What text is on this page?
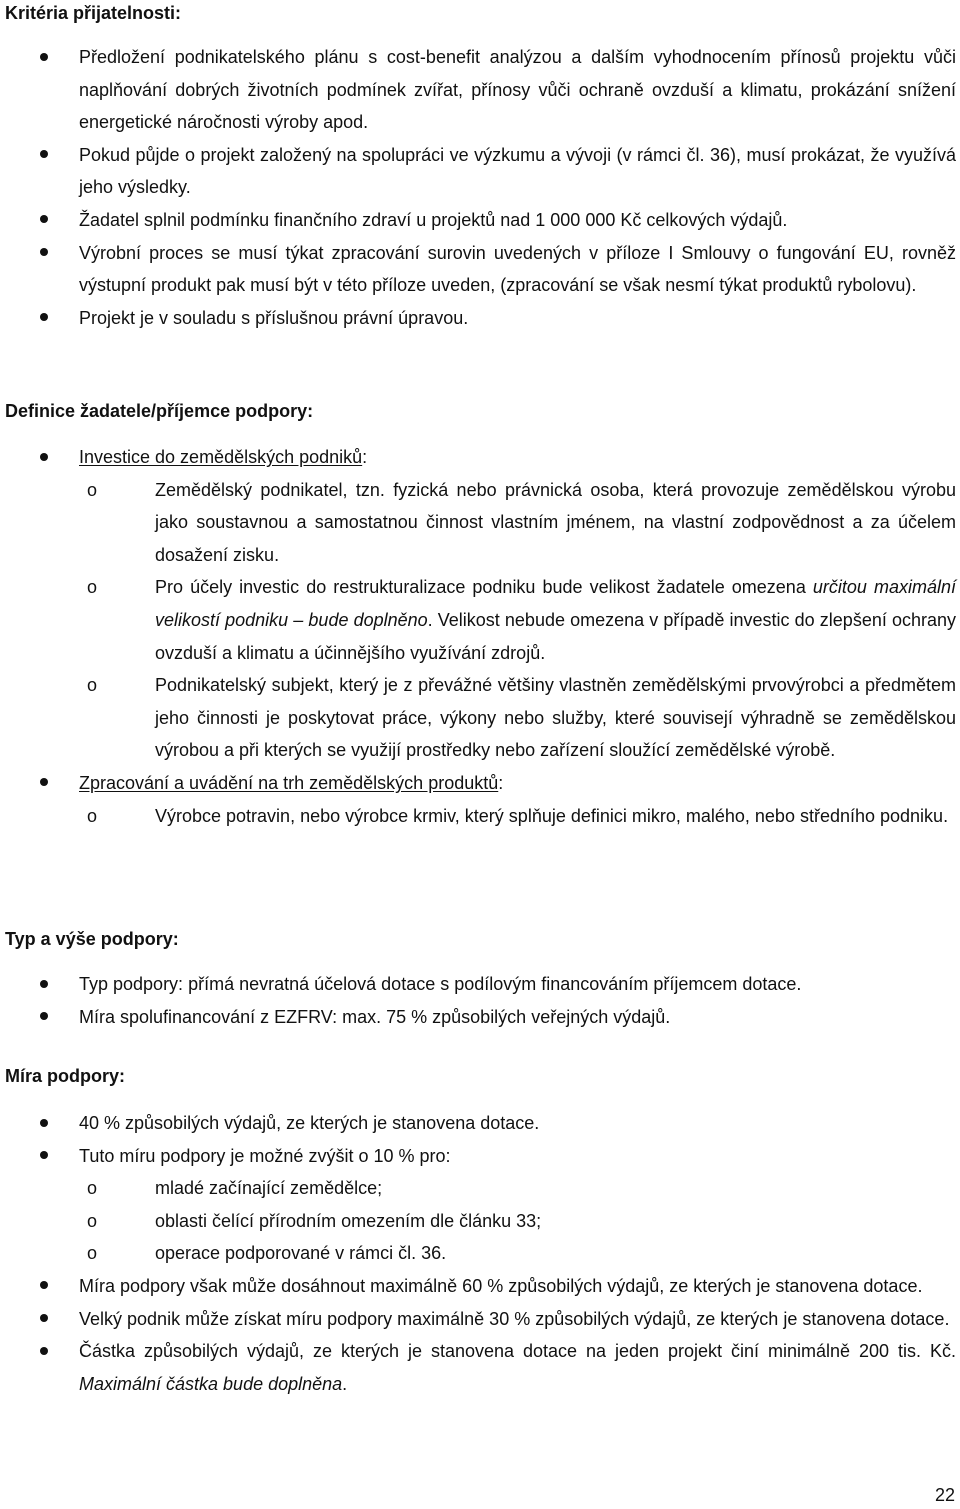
Kritéria přijatelnosti:

Předložení podnikatelského plánu s cost-benefit analýzou a dalším vyhodnocením přínosů projektu vůči naplňování dobrých životních podmínek zvířat, přínosy vůči ochraně ovzduší a klimatu, prokázání snížení energetické náročnosti výroby apod.

Pokud půjde o projekt založený na spolupráci ve výzkumu a vývoji (v rámci čl. 36), musí prokázat, že využívá jeho výsledky.

Žadatel splnil podmínku finančního zdraví u projektů nad 1 000 000 Kč celkových výdajů.

Výrobní proces se musí týkat zpracování surovin uvedených v příloze I Smlouvy o fungování EU, rovněž výstupní produkt pak musí být v této příloze uveden, (zpracování se však nesmí týkat produktů rybolovu).

Projekt je v souladu s příslušnou právní úpravou.

Definice žadatele/příjemce podpory:

Investice do zemědělských podniků:

o	Zemědělský podnikatel, tzn. fyzická nebo právnická osoba, která provozuje zemědělskou výrobu jako soustavnou a samostatnou činnost vlastním jménem, na vlastní zodpovědnost a za účelem dosažení zisku.

o	Pro účely investic do restrukturalizace podniku bude velikost žadatele omezena určitou maximální velikostí podniku – bude doplněno. Velikost nebude omezena v případě investic do zlepšení ochrany ovzduší a klimatu a účinnějšího využívání zdrojů.

o	Podnikatelský subjekt, který je z převážné většiny vlastněn zemědělskými prvovýrobci a předmětem jeho činnosti je poskytovat práce, výkony nebo služby, které souvisejí výhradně se zemědělskou výrobou a při kterých se využijí prostředky nebo zařízení sloužící zemědělské výrobě.

Zpracování a uvádění na trh zemědělských produktů:

o	Výrobce potravin, nebo výrobce krmiv, který splňuje definici mikro, malého, nebo středního podniku.

Typ a výše podpory:

Typ podpory: přímá nevratná účelová dotace s podílovým financováním příjemcem dotace.

Míra spolufinancování z EZFRV: max. 75 % způsobilých veřejných výdajů.

Míra podpory:

40 % způsobilých výdajů, ze kterých je stanovena dotace.

Tuto míru podpory je možné zvýšit o 10 % pro:

o	mladé začínající zemědělce;

o	oblasti čelící přírodním omezením dle článku 33;

o	operace podporované v rámci čl. 36.

Míra podpory však může dosáhnout maximálně 60 % způsobilých výdajů, ze kterých je stanovena dotace.

Velký podnik může získat míru podpory maximálně 30 % způsobilých výdajů, ze kterých je stanovena dotace.

Částka způsobilých výdajů, ze kterých je stanovena dotace na jeden projekt činí minimálně 200 tis. Kč. Maximální částka bude doplněna.

22
